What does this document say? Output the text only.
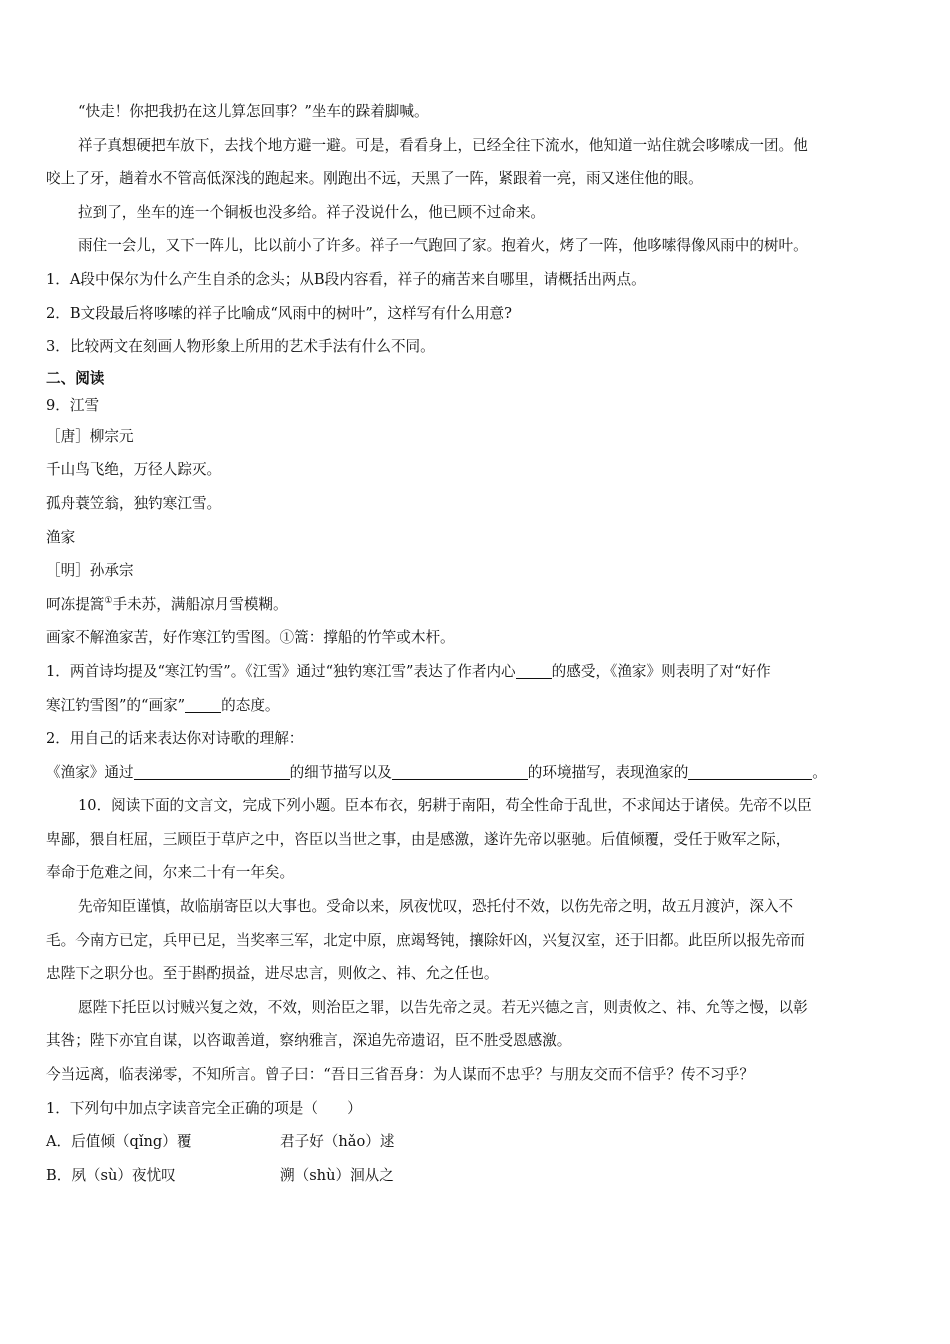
“快走！你把我扔在这儿算怎回事？”坐车的跺着脚喊。

祥子真想硬把车放下，去找个地方避一避。可是，看看身上，已经全往下流水，他知道一站住就会哆嗦成一团。他

咬上了牙，趟着水不管高低深浅的跑起来。刚跑出不远，天黑了一阵，紧跟着一亮，雨又迷住他的眼。

拉到了，坐车的连一个铜板也没多给。祥子没说什么，他已顾不过命来。

雨住一会儿，又下一阵儿，比以前小了许多。祥子一气跑回了家。抱着火，烤了一阵，他哆嗦得像风雨中的树叶。

1．A段中保尔为什么产生自杀的念头；从B段内容看，祥子的痛苦来自哪里，请概括出两点。

2．B文段最后将哆嗦的祥子比喻成“风雨中的树叶”，这样写有什么用意?

3．比较两文在刻画人物形象上所用的艺术手法有什么不同。

二、阅读

9．江雪

［唐］柳宗元

千山鸟飞绝，万径人踪灭。

孤舟蓑笠翁，独钓寒江雪。

渔家

［明］孙承宗

呵冻提篙①手未苏，满船凉月雪模糊。

画家不解渔家苦，好作寒江钓雪图。①篙：撑船的竹竿或木杆。

1．两首诗均提及“寒江钓雪”。《江雪》通过“独钓寒江雪”表达了作者内心 的感受，《渔家》则表明了对“好作

寒江钓雪图”的“画家” 的态度。

2．用自己的话来表达你对诗歌的理解：

《渔家》通过	的细节描写以及	的环境描写，表现渔家的	。

10．阅读下面的文言文，完成下列小题。臣本布衣，躬耕于南阳，苟全性命于乱世，不求闻达于诸侯。先帝不以臣

卑鄙，猥自枉屈，三顾臣于草庐之中，咨臣以当世之事，由是感激，遂许先帝以驱驰。后值倾覆，受任于败军之际，

奉命于危难之间，尔来二十有一年矣。

先帝知臣谨慎，故临崩寄臣以大事也。受命以来，夙夜忧叹，恐托付不效，以伤先帝之明，故五月渡泸，深入不

毛。今南方已定，兵甲已足，当奖率三军，北定中原，庶竭驽钝，攘除奸凶，兴复汉室，还于旧都。此臣所以报先帝而

忠陛下之职分也。至于斟酌损益，进尽忠言，则攸之、祎、允之任也。

愿陛下托臣以讨贼兴复之效，不效，则治臣之罪，以告先帝之灵。若无兴德之言，则责攸之、祎、允等之慢，以彰

其咎；陛下亦宜自谋，以咨诹善道，察纳雅言，深追先帝遗诏，臣不胜受恩感激。

今当远离，临表涕零，不知所言。曾子曰：“吾日三省吾身：为人谋而不忠乎？与朋友交而不信乎？传不习乎？

1．下列句中加点字读音完全正确的项是（　　）

A．后值倾（qǐng）覆	君子好（hǎo）逑

B．夙（sù）夜忧叹	溯（shù）洄从之
